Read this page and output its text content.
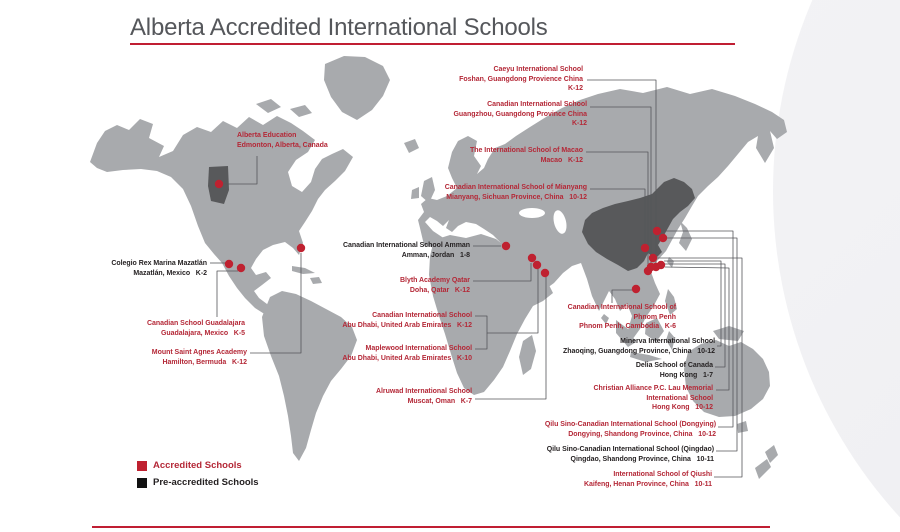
Alberta Education
Edmonton, Alberta, Canada
Caeyu International School
Foshan, Guangdong Provience China
K-12
Canadian International School
Guangzhou, Guangdong Province China
K-12
The International School of Macao
Macao   K-12
Canadian International School of Mianyang
Mianyang, Sichuan Province, China   10-12
Colegio Rex Marina Mazatlán
Mazatlán, Mexico   K-2
Canadian School Guadalajara
Guadalajara, Mexico   K-5
Mount Saint Agnes Academy
Hamilton, Bermuda   K-12
Canadian International School Amman
Amman, Jordan   1-8
Blyth Academy Qatar
Doha, Qatar   K-12
Canadian International School
Abu Dhabi, United Arab Emirates   K-12
Maplewood International School
Abu Dhabi, United Arab Emirates   K-10
Alruwad International School
Muscat, Oman   K-7
Canadian International School of
Phnom Penh
Phnom Penh, Cambodia   K-6
Minerva International School
Zhaoqing, Guangdong Province, China   10-12
Delia School of Canada
Hong Kong   1-7
Christian Alliance P.C. Lau Memorial
International School
Hong Kong   10-12
Qilu Sino-Canadian International School (Dongying)
Dongying, Shandong Province, China   10-12
Qilu Sino-Canadian International School (Qingdao)
Qingdao, Shandong Province, China   10-11
International School of Qiushi
Kaifeng, Henan Province, China   10-11
Alberta Accredited International Schools
Accredited Schools
Pre-accredited Schools
